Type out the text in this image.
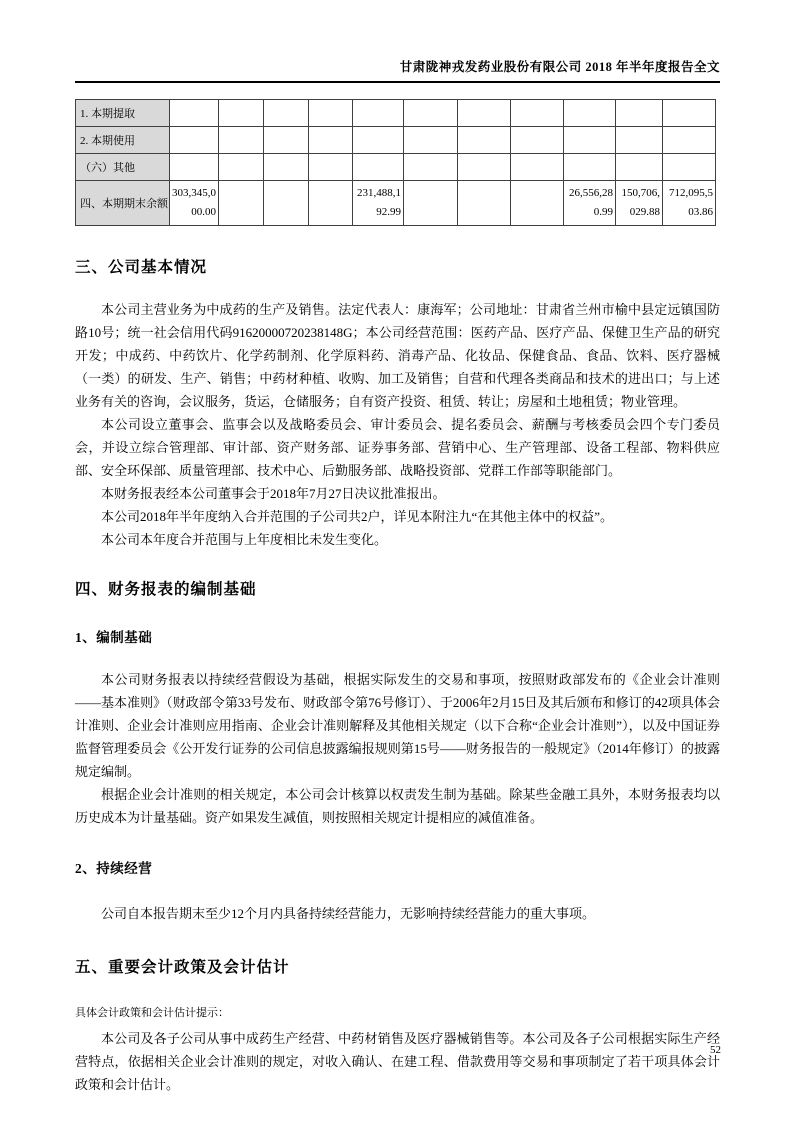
甘肃陇神戎发药业股份有限公司 2018 年半年度报告全文
1. 本期提取											
2. 本期使用											
（六）其他											
四、本期期末余额	303,345,000.00				231,488,192.99				26,556,280.99	150,706,029.88	712,095,503.86
三、公司基本情况

本公司主营业务为中成药的生产及销售。法定代表人：康海军；公司地址：甘肃省兰州市榆中县定远镇国防路10号；统一社会信用代码91620000720238148G；本公司经营范围：医药产品、医疗产品、保健卫生产品的研究开发；中成药、中药饮片、化学药制剂、化学原料药、消毒产品、化妆品、保健食品、食品、饮料、医疗器械（一类）的研发、生产、销售；中药材种植、收购、加工及销售；自营和代理各类商品和技术的进出口；与上述业务有关的咨询，会议服务，货运，仓储服务；自有资产投资、租赁、转让；房屋和土地租赁；物业管理。

本公司设立董事会、监事会以及战略委员会、审计委员会、提名委员会、薪酬与考核委员会四个专门委员会，并设立综合管理部、审计部、资产财务部、证券事务部、营销中心、生产管理部、设备工程部、物料供应部、安全环保部、质量管理部、技术中心、后勤服务部、战略投资部、党群工作部等职能部门。

本财务报表经本公司董事会于2018年7月27日决议批准报出。

本公司2018年半年度纳入合并范围的子公司共2户，详见本附注九“在其他主体中的权益”。

本公司本年度合并范围与上年度相比未发生变化。

四、财务报表的编制基础
1、编制基础

本公司财务报表以持续经营假设为基础，根据实际发生的交易和事项，按照财政部发布的《企业会计准则——基本准则》（财政部令第33号发布、财政部令第76号修订）、于2006年2月15日及其后颁布和修订的42项具体会计准则、企业会计准则应用指南、企业会计准则解释及其他相关规定（以下合称“企业会计准则”），以及中国证券监督管理委员会《公开发行证券的公司信息披露编报规则第15号——财务报告的一般规定》（2014年修订）的披露规定编制。

根据企业会计准则的相关规定，本公司会计核算以权责发生制为基础。除某些金融工具外，本财务报表均以历史成本为计量基础。资产如果发生减值，则按照相关规定计提相应的减值准备。

2、持续经营

公司自本报告期末至少12个月内具备持续经营能力，无影响持续经营能力的重大事项。

五、重要会计政策及会计估计
具体会计政策和会计估计提示：

本公司及各子公司从事中成药生产经营、中药材销售及医疗器械销售等。本公司及各子公司根据实际生产经营特点，依据相关企业会计准则的规定，对收入确认、在建工程、借款费用等交易和事项制定了若干项具体会计政策和会计估计。

52
